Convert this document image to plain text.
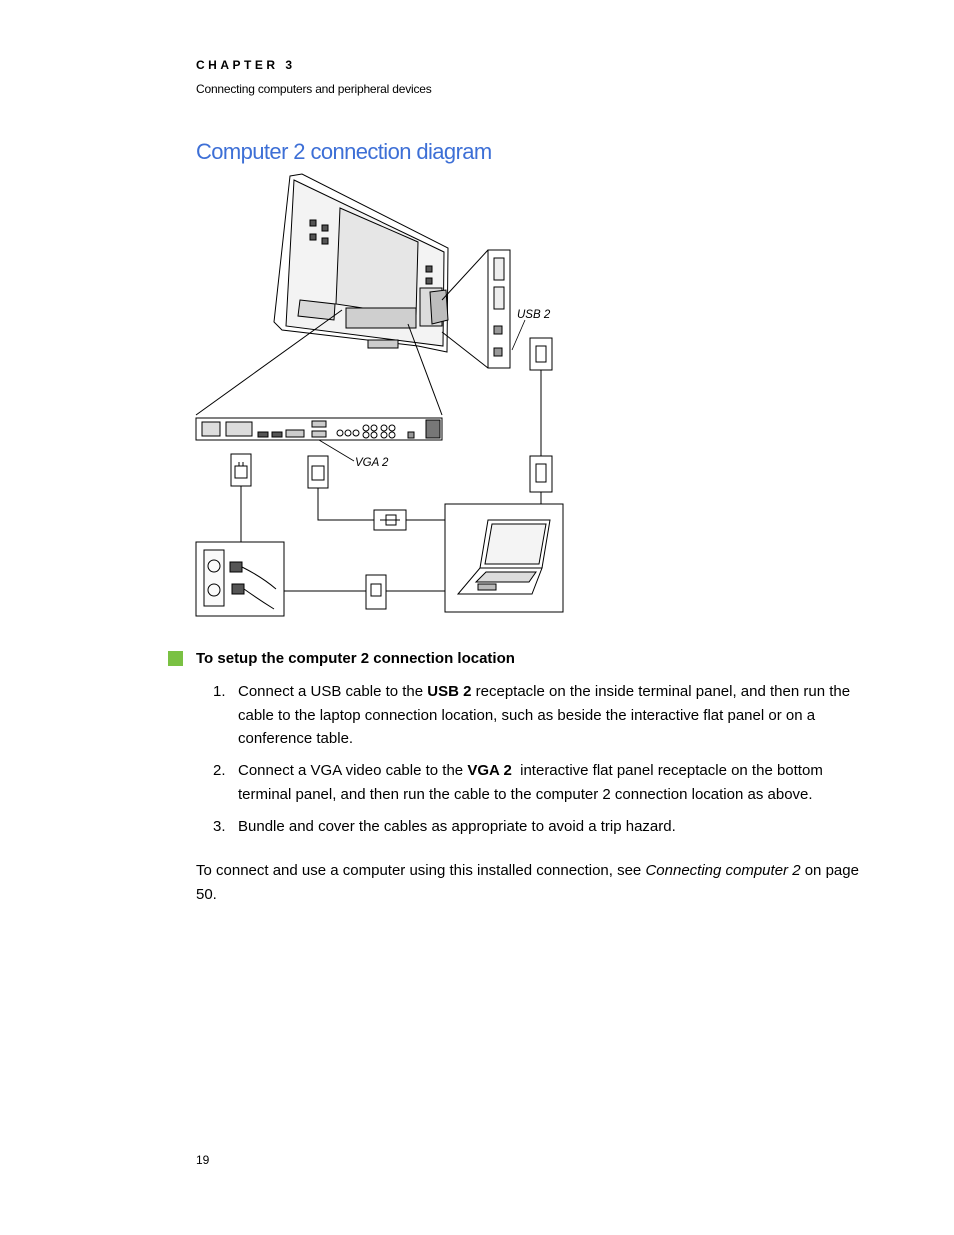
CHAPTER 3
Connecting computers and peripheral devices
Computer 2 connection diagram
USB 2
VGA 2
To setup the computer 2 connection location
1. Connect a USB cable to the USB 2 receptacle on the inside terminal panel, and then run the cable to the laptop connection location, such as beside the interactive flat panel or on a conference table.
2. Connect a VGA video cable to the VGA 2  interactive flat panel receptacle on the bottom terminal panel, and then run the cable to the computer 2 connection location as above.
3. Bundle and cover the cables as appropriate to avoid a trip hazard.
To connect and use a computer using this installed connection, see Connecting computer 2 on page 50.
19
